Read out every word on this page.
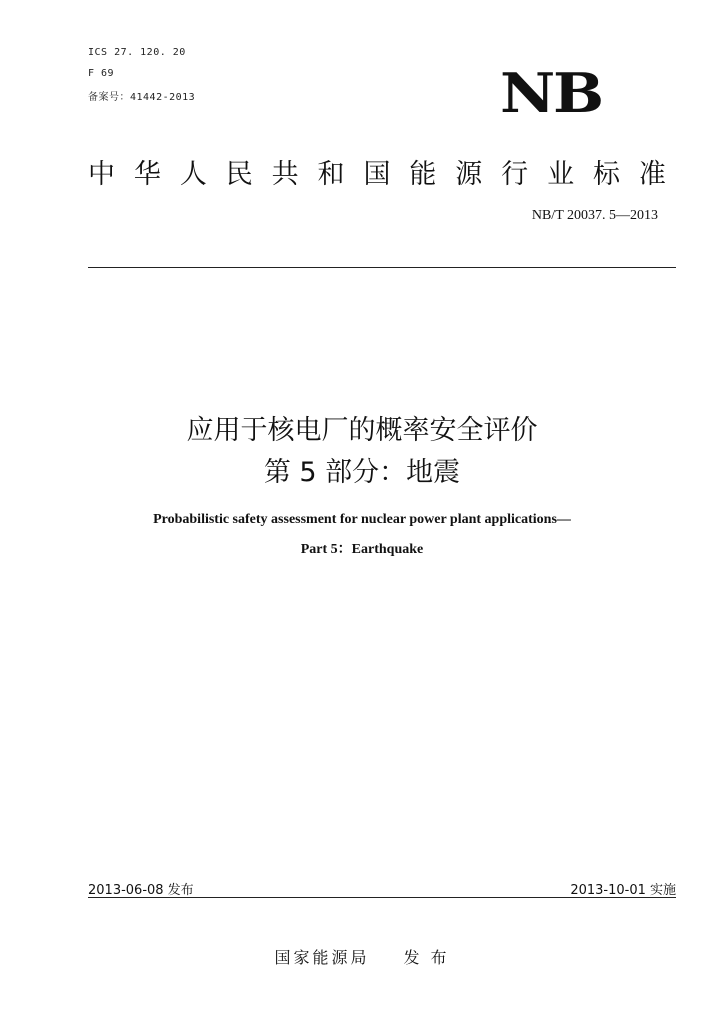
ICS 27. 120. 20
F 69
备案号：41442-2013	NB
中 华 人 民 共 和 国 能 源 行 业 标 准
NB/T 20037. 5—2013
应用于核电厂的概率安全评价
第 5 部分：地震
Probabilistic safety assessment for nuclear power plant applications—
Part 5：Earthquake
2013-06-08 发布	2013-10-01 实施
国家能源局 发 布
